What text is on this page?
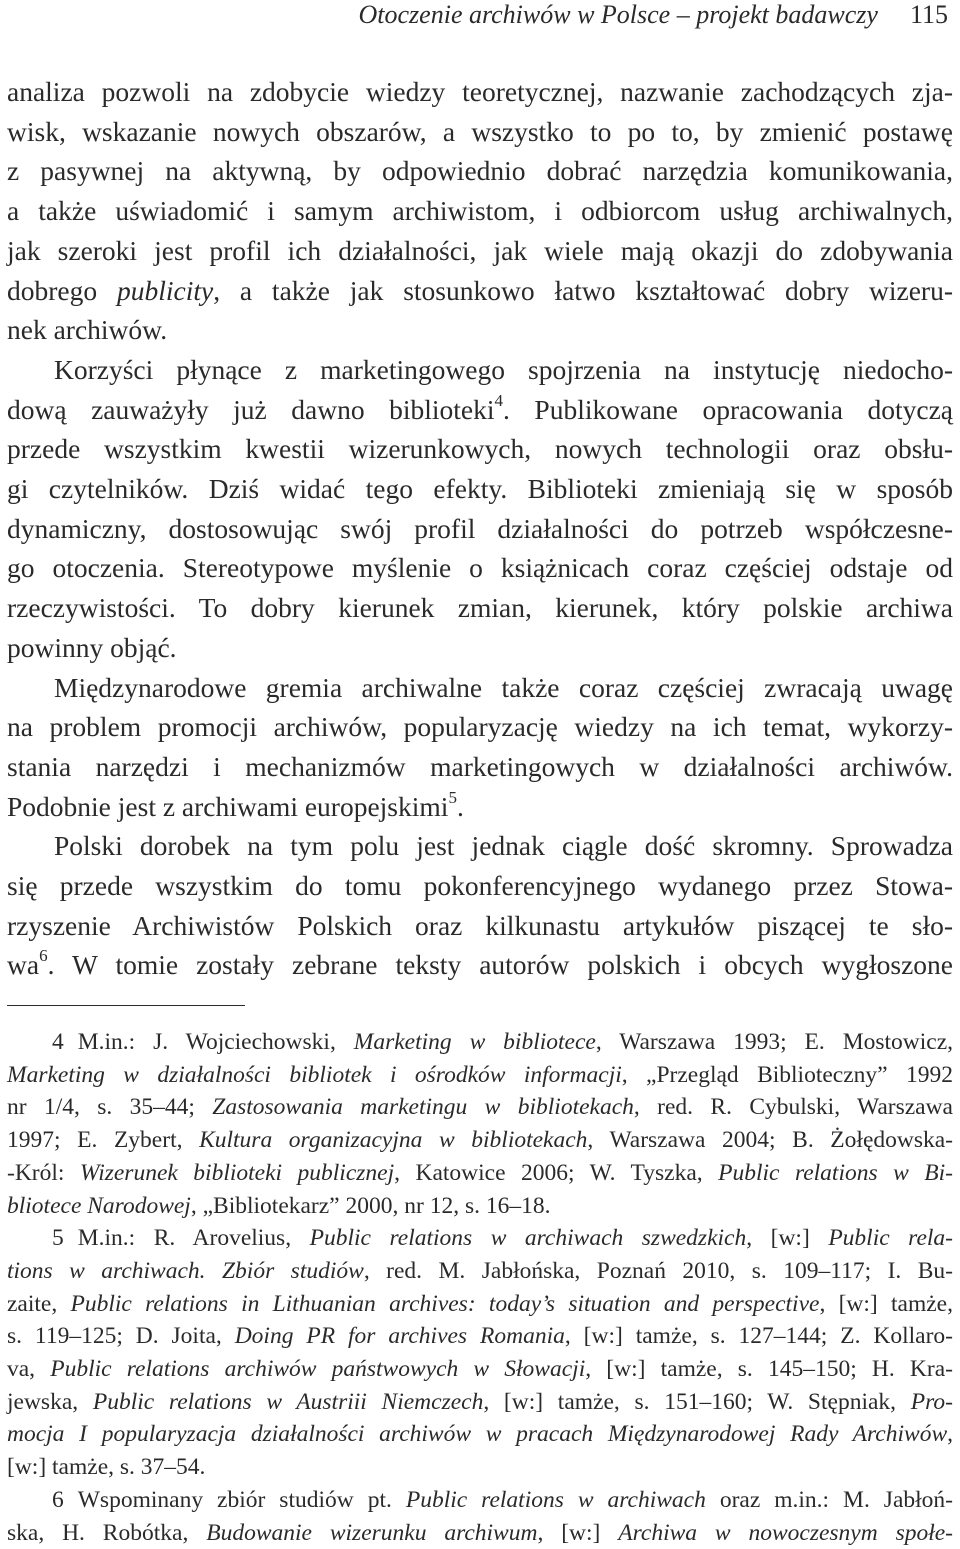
Otoczenie archiwów w Polsce – projekt badawczy 115
analiza pozwoli na zdobycie wiedzy teoretycznej, nazwanie zachodzących zja-
wisk, wskazanie nowych obszarów, a wszystko to po to, by zmienić postawę
z pasywnej na aktywną, by odpowiednio dobrać narzędzia komunikowania,
a także uświadomić i samym archiwistom, i odbiorcom usług archiwalnych,
jak szeroki jest profil ich działalności, jak wiele mają okazji do zdobywania
dobrego publicity, a także jak stosunkowo łatwo kształtować dobry wizeru-
nek archiwów.
Korzyści płynące z marketingowego spojrzenia na instytucję niedocho-
dową zauważyły już dawno biblioteki$^4$. Publikowane opracowania dotyczą
przede wszystkim kwestii wizerunkowych, nowych technologii oraz obsłu-
gi czytelników. Dziś widać tego efekty. Biblioteki zmieniają się w sposób
dynamiczny, dostosowując swój profil działalności do potrzeb współczesne-
go otoczenia. Stereotypowe myślenie o książnicach coraz częściej odstaje od
rzeczywistości. To dobry kierunek zmian, kierunek, który polskie archiwa
powinny objąć.
Międzynarodowe gremia archiwalne także coraz częściej zwracają uwagę
na problem promocji archiwów, popularyzację wiedzy na ich temat, wykorzy-
stania narzędzi i mechanizmów marketingowych w działalności archiwów.
Podobnie jest z archiwami europejskimi$^5$.
Polski dorobek na tym polu jest jednak ciągle dość skromny. Sprowadza
się przede wszystkim do tomu pokonferencyjnego wydanego przez Stowa-
rzyszenie Archiwistów Polskich oraz kilkunastu artykułów piszącej te sło-
$wa^6$. W tomie zostały zebrane teksty autorów polskich i obcych wygłoszone
4 M.in.: J. Wojciechowski, Marketing w bibliotece, Warszawa 1993; E. Mostowicz,
Marketing w działalności bibliotek i ośrodków informacji, „Przegląd Biblioteczny” 1992
nr 1/4, s. 35–44; Zastosowania marketingu w bibliotekach, red. R. Cybulski, Warszawa
1997; E. Zybert, Kultura organizacyjna w bibliotekach, Warszawa 2004; B. Żołędowska-
-Król: Wizerunek biblioteki publicznej, Katowice 2006; W. Tyszka, Public relations w Bi-
bliotece Narodowej, „Bibliotekarz” 2000, nr 12, s. 16–18.
5 M.in.: R. Arovelius, Public relations w archiwach szwedzkich, [w:] Public rela-
tions w archiwach. Zbiór studiów, red. M. Jabłońska, Poznań 2010, s. 109–117; I. Bu-
zaite, Public relations in Lithuanian archives: today’s situation and perspective, [w:] tamże,
s. 119–125; D. Joita, Doing PR for archives Romania, [w:] tamże, s. 127–144; Z. Kollaro-
va, Public relations archiwów państwowych w Słowacji, [w:] tamże, s. 145–150; H. Kra-
jewska, Public relations w Austriii Niemczech, [w:] tamże, s. 151–160; W. Stępniak, Pro-
mocja I popularyzacja działalności archiwów w pracach Międzynarodowej Rady Archiwów,
[w:] tamże, s. 37–54.
6 Wspominany zbiór studiów pt. Public relations w archiwach oraz m.in.: M. Jabłoń-
ska, H. Robótka, Budowanie wizerunku archiwum, [w:] Archiwa w nowoczesnym społe-
